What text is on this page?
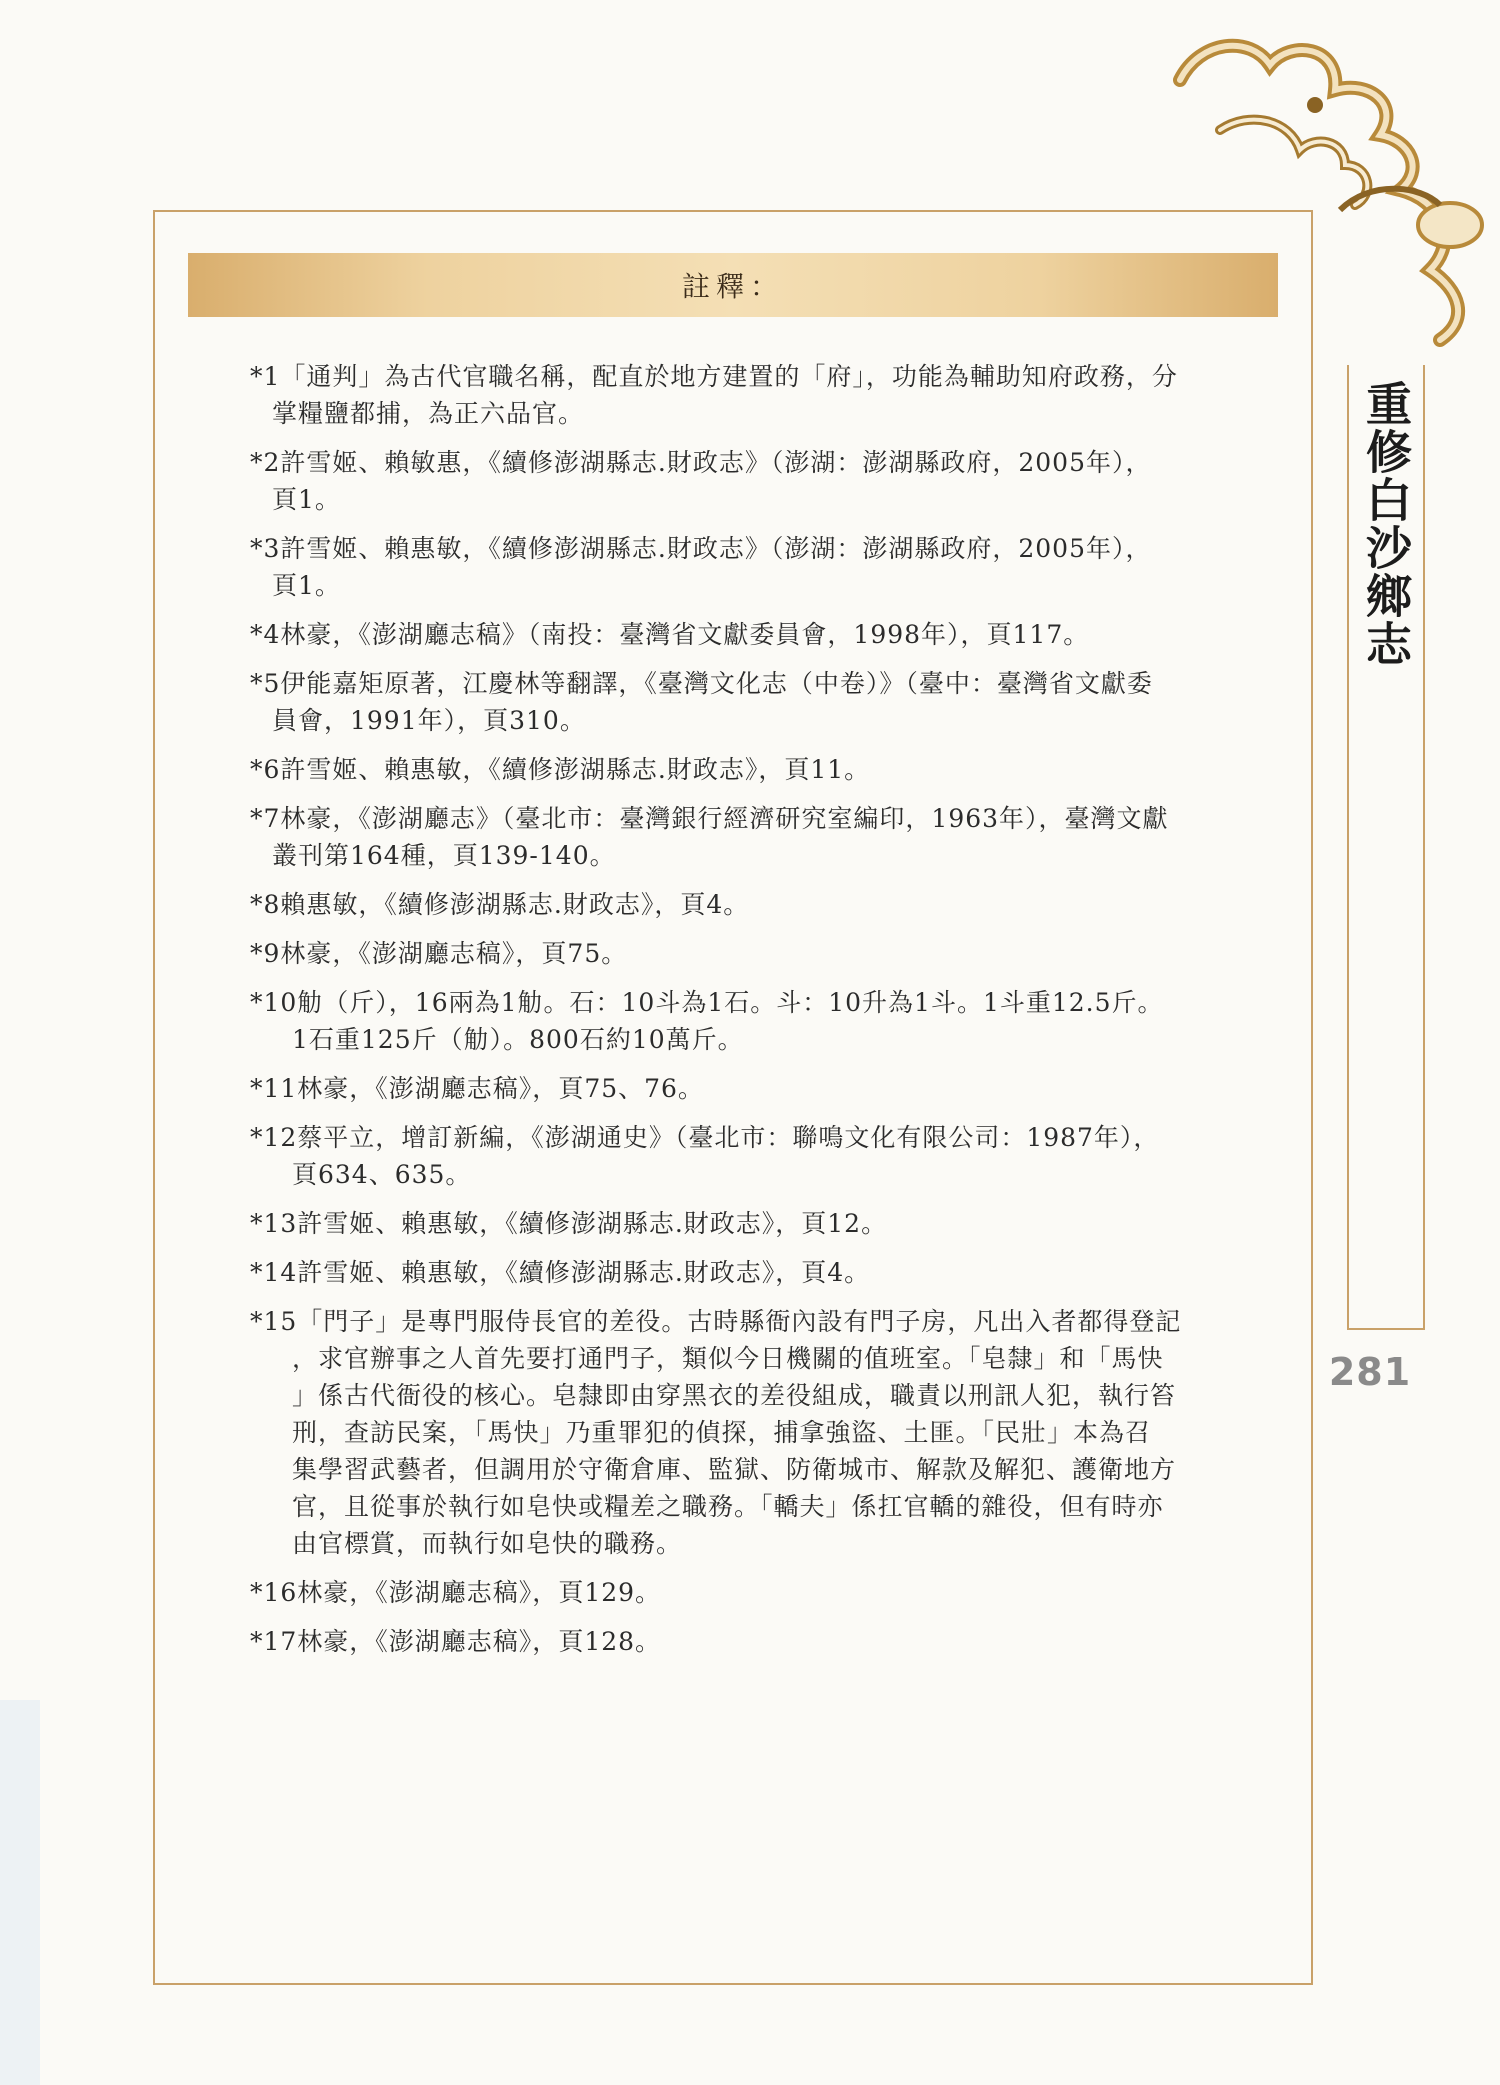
註釋：
*1「通判」為古代官職名稱，配直於地方建置的「府」，功能為輔助知府政務，分
掌糧鹽都捕，為正六品官。
*2許雪姬、賴敏惠，《續修澎湖縣志.財政志》（澎湖：澎湖縣政府，2005年），
頁1。
*3許雪姬、賴惠敏，《續修澎湖縣志.財政志》（澎湖：澎湖縣政府，2005年），
頁1。
*4林豪，《澎湖廳志稿》（南投：臺灣省文獻委員會，1998年），頁117。
*5伊能嘉矩原著，江慶林等翻譯，《臺灣文化志（中卷）》（臺中：臺灣省文獻委
員會，1991年），頁310。
*6許雪姬、賴惠敏，《續修澎湖縣志.財政志》，頁11。
*7林豪，《澎湖廳志》（臺北市：臺灣銀行經濟研究室編印，1963年），臺灣文獻
叢刊第164種，頁139-140。
*8賴惠敏，《續修澎湖縣志.財政志》，頁4。
*9林豪，《澎湖廳志稿》，頁75。
*10觔（斤），16兩為1觔。石：10斗為1石。斗：10升為1斗。1斗重12.5斤。
1石重125斤（觔）。800石約10萬斤。
*11林豪，《澎湖廳志稿》，頁75、76。
*12蔡平立，增訂新編，《澎湖通史》（臺北市：聯鳴文化有限公司：1987年），
頁634、635。
*13許雪姬、賴惠敏，《續修澎湖縣志.財政志》，頁12。
*14許雪姬、賴惠敏，《續修澎湖縣志.財政志》，頁4。
*15「門子」是專門服侍長官的差役。古時縣衙內設有門子房，凡出入者都得登記
，求官辦事之人首先要打通門子，類似今日機關的值班室。「皂隸」和「馬快
」係古代衙役的核心。皂隸即由穿黑衣的差役組成，職責以刑訊人犯，執行笞
刑，查訪民案，「馬快」乃重罪犯的偵探，捕拿強盜、土匪。「民壯」本為召
集學習武藝者，但調用於守衛倉庫、監獄、防衛城市、解款及解犯、護衛地方
官，且從事於執行如皂快或糧差之職務。「轎夫」係扛官轎的雜役，但有時亦
由官標賞，而執行如皂快的職務。
*16林豪，《澎湖廳志稿》，頁129。
*17林豪，《澎湖廳志稿》，頁128。
重修白沙鄉志
281
